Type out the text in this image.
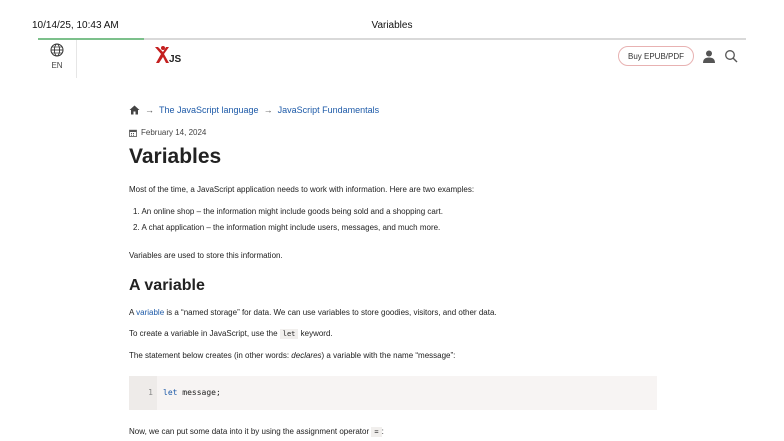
10/14/25, 10:43 AM	Variables
EN
JS	Buy EPUB/PDF
→ The JavaScript language → JavaScript Fundamentals
February 14, 2024
Variables

Most of the time, a JavaScript application needs to work with information. Here are two examples:

1. An online shop – the information might include goods being sold and a shopping cart.
2. A chat application – the information might include users, messages, and much more.

Variables are used to store this information.

A variable

A variable is a “named storage” for data. We can use variables to store goodies, visitors, and other data.

To create a variable in JavaScript, use the let keyword.

The statement below creates (in other words: declares) a variable with the name “message”:

1 let message;

Now, we can put some data into it by using the assignment operator = :
